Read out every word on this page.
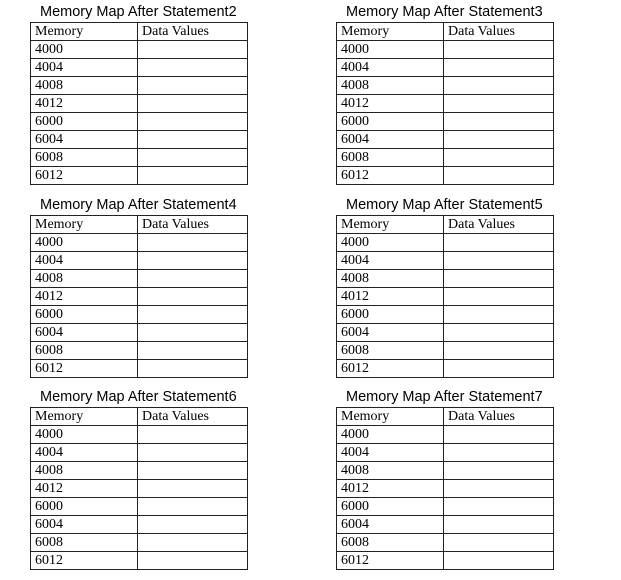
Memory Map After Statement2
Memory	Data Values
4000	
4004	
4008	
4012	
6000	
6004	
6008	
6012	
Memory Map After Statement3
Memory	Data Values
4000	
4004	
4008	
4012	
6000	
6004	
6008	
6012	
Memory Map After Statement4
Memory	Data Values
4000	
4004	
4008	
4012	
6000	
6004	
6008	
6012	
Memory Map After Statement5
Memory	Data Values
4000	
4004	
4008	
4012	
6000	
6004	
6008	
6012	
Memory Map After Statement6
Memory	Data Values
4000	
4004	
4008	
4012	
6000	
6004	
6008	
6012	
Memory Map After Statement7
Memory	Data Values
4000	
4004	
4008	
4012	
6000	
6004	
6008	
6012	
